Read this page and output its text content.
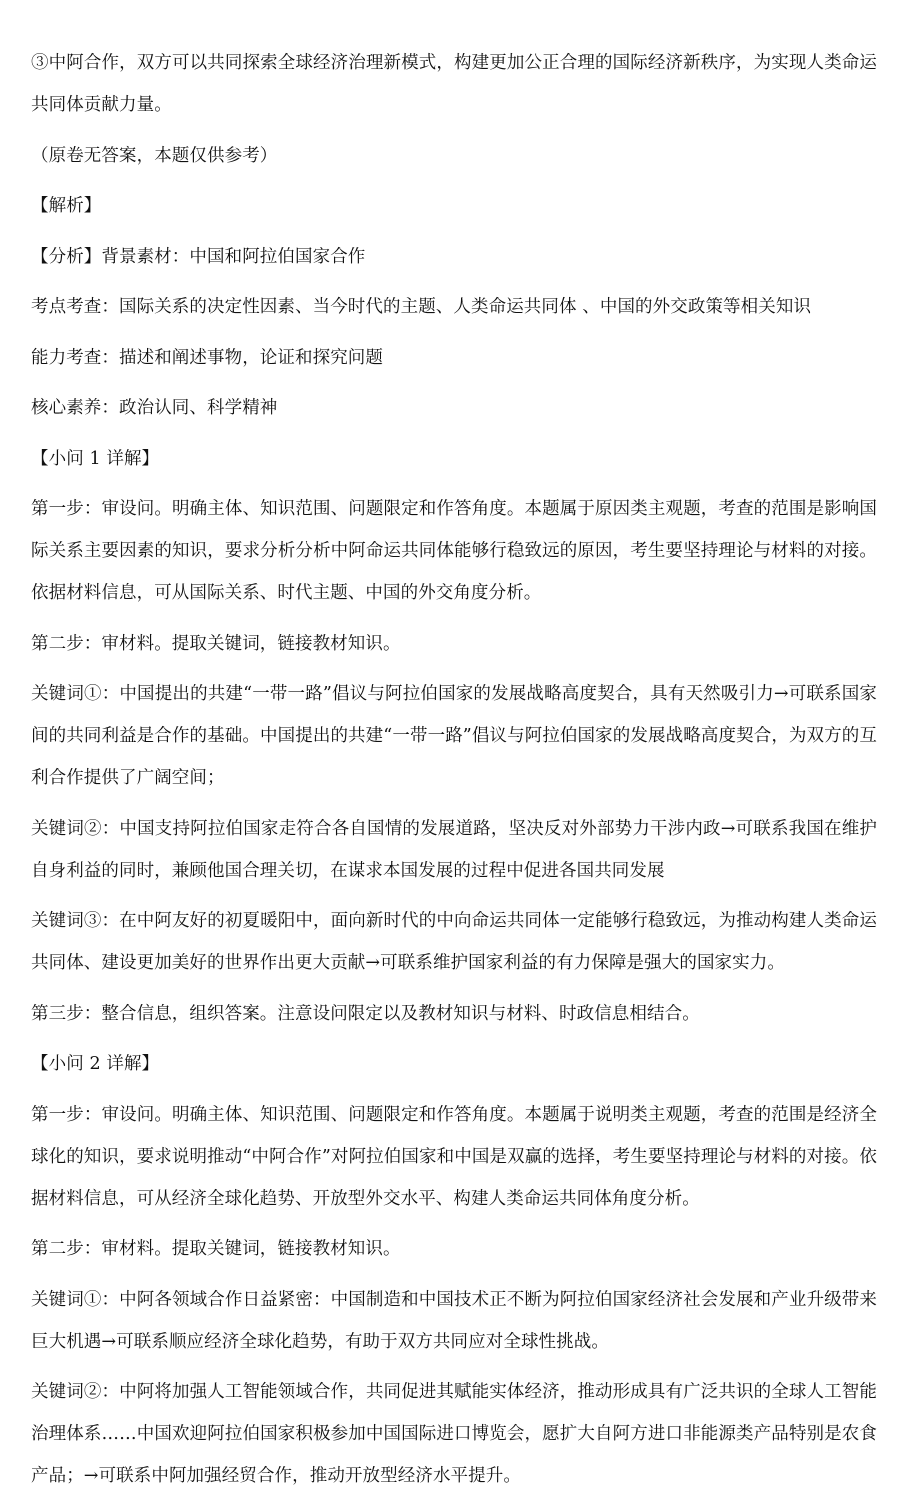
③中阿合作，双方可以共同探索全球经济治理新模式，构建更加公正合理的国际经济新秩序，为实现人类命运共同体贡献力量。

（原卷无答案，本题仅供参考）

【解析】

【分析】背景素材：中国和阿拉伯国家合作

考点考查：国际关系的决定性因素、当今时代的主题、人类命运共同体 、中国的外交政策等相关知识

能力考查：描述和阐述事物，论证和探究问题

核心素养：政治认同、科学精神

【小问 1 详解】

第一步：审设问。明确主体、知识范围、问题限定和作答角度。本题属于原因类主观题，考查的范围是影响国际关系主要因素的知识，要求分析分析中阿命运共同体能够行稳致远的原因，考生要坚持理论与材料的对接。依据材料信息，可从国际关系、时代主题、中国的外交角度分析。

第二步：审材料。提取关键词，链接教材知识。

关键词①：中国提出的共建“一带一路”倡议与阿拉伯国家的发展战略高度契合，具有天然吸引力→可联系国家间的共同利益是合作的基础。中国提出的共建“一带一路”倡议与阿拉伯国家的发展战略高度契合，为双方的互利合作提供了广阔空间；

关键词②：中国支持阿拉伯国家走符合各自国情的发展道路，坚决反对外部势力干涉内政→可联系我国在维护自身利益的同时，兼顾他国合理关切，在谋求本国发展的过程中促进各国共同发展

关键词③：在中阿友好的初夏暖阳中，面向新时代的中向命运共同体一定能够行稳致远，为推动构建人类命运共同体、建设更加美好的世界作出更大贡献→可联系维护国家利益的有力保障是强大的国家实力。

第三步：整合信息，组织答案。注意设问限定以及教材知识与材料、时政信息相结合。

【小问 2 详解】

第一步：审设问。明确主体、知识范围、问题限定和作答角度。本题属于说明类主观题，考查的范围是经济全球化的知识，要求说明推动“中阿合作”对阿拉伯国家和中国是双赢的选择，考生要坚持理论与材料的对接。依据材料信息，可从经济全球化趋势、开放型外交水平、构建人类命运共同体角度分析。

第二步：审材料。提取关键词，链接教材知识。

关键词①：中阿各领域合作日益紧密：中国制造和中国技术正不断为阿拉伯国家经济社会发展和产业升级带来巨大机遇→可联系顺应经济全球化趋势，有助于双方共同应对全球性挑战。

关键词②：中阿将加强人工智能领域合作，共同促进其赋能实体经济，推动形成具有广泛共识的全球人工智能治理体系……中国欢迎阿拉伯国家积极参加中国国际进口博览会，愿扩大自阿方进口非能源类产品特别是农食产品；→可联系中阿加强经贸合作，推动开放型经济水平提升。
